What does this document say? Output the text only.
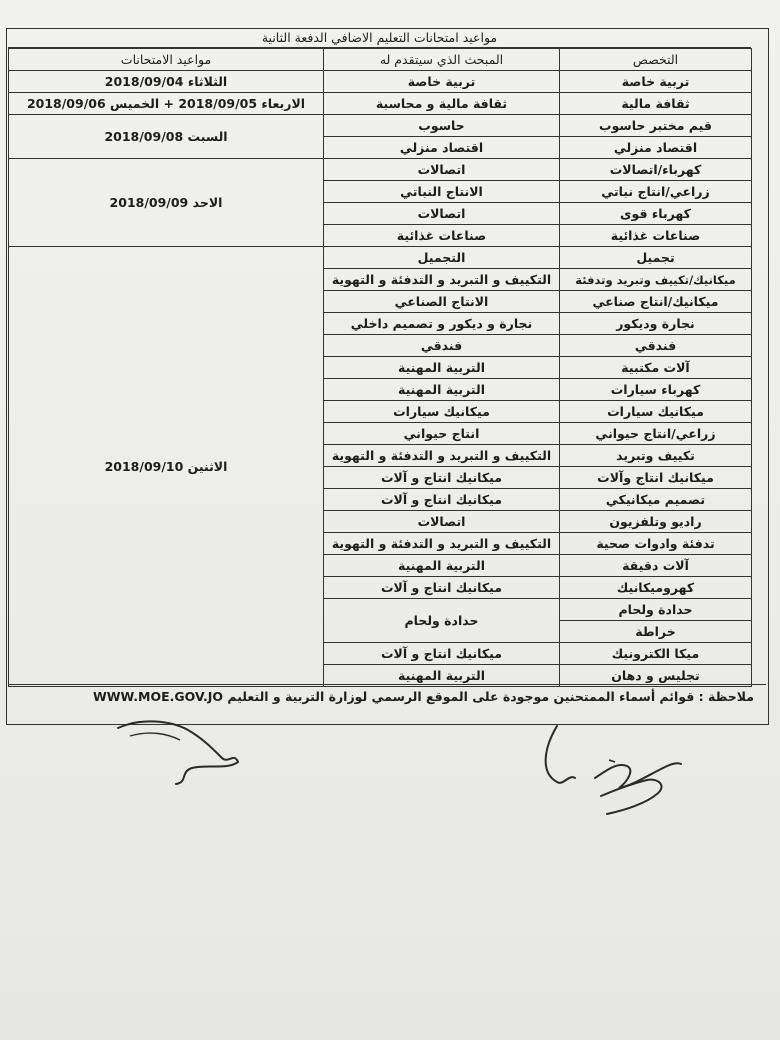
مواعيد امتحانات التعليم الاضافي الدفعة الثانية
التخصص	المبحث الذي سيتقدم له	مواعيد الامتحانات
تربية خاصة	تربية خاصة	الثلاثاء 2018/09/04
ثقافة مالية	ثقافة مالية و محاسبة	الاربعاء 2018/09/05 + الخميس 2018/09/06
قيم مختبر حاسوب	حاسوب	السبت 2018/09/08
اقتصاد منزلي	اقتصاد منزلي	
كهرباء/اتصالات	اتصالات	الاحد 2018/09/09
زراعي/انتاج نباتي	الانتاج النباتي	
كهرباء قوى	اتصالات	
صناعات غذائية	صناعات غذائية	
تجميل	التجميل	الاثنين 2018/09/10
ميكانيك/تكييف وتبريد وتدفئة	التكييف و التبريد و التدفئة و التهوية	
ميكانيك/انتاج صناعي	الانتاج الصناعي	
نجارة وديكور	نجارة و ديكور و تصميم داخلي	
فندقي	فندقي	
آلات مكتبية	التربية المهنية	
كهرباء سيارات	التربية المهنية	
ميكانيك سيارات	ميكانيك سيارات	
زراعي/انتاج حيواني	انتاج حيواني	
تكييف وتبريد	التكييف و التبريد و التدفئة و التهوية	
ميكانيك انتاج وآلات	ميكانيك انتاج و آلات	
تصميم ميكانيكي	ميكانيك انتاج و آلات	
راديو وتلفزيون	اتصالات	
تدفئة وادوات صحية	التكييف و التبريد و التدفئة و التهوية	
آلات دقيقة	التربية المهنية	
كهروميكانيك	ميكانيك انتاج و آلات	
حدادة ولحام	حدادة ولحام	
خراطة		
ميكا الكترونيك	ميكانيك انتاج و آلات	
تجليس و دهان	التربية المهنية	
ملاحظة : قوائم أسماء الممتحنين موجودة على الموقع الرسمي لوزارة التربية و التعليم WWW.MOE.GOV.JO
